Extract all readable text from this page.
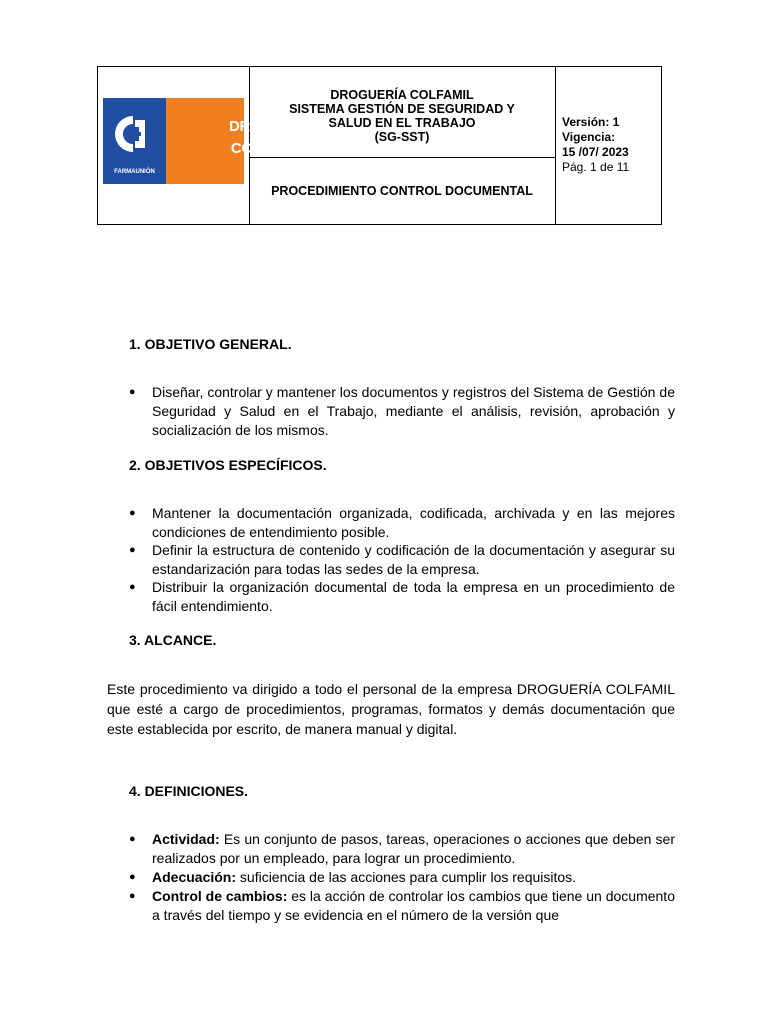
FARMAUNIÓN
DROGUERÍA
COLFAMIL
DROGUERÍA COLFAMIL
SISTEMA GESTIÓN DE SEGURIDAD Y
SALUD EN EL TRABAJO
(SG-SST)
PROCEDIMIENTO CONTROL DOCUMENTAL
Versión: 1
Vigencia:
15 /07/ 2023
Pág. 1 de 11
1. OBJETIVO GENERAL.
● Diseñar, controlar y mantener los documentos y registros del Sistema de Gestión de Seguridad y Salud en el Trabajo, mediante el análisis, revisión, aprobación y socialización de los mismos.
2. OBJETIVOS ESPECÍFICOS.
● Mantener la documentación organizada, codificada, archivada y en las mejores condiciones de entendimiento posible.
● Definir la estructura de contenido y codificación de la documentación y asegurar su estandarización para todas las sedes de la empresa.
● Distribuir la organización documental de toda la empresa en un procedimiento de fácil entendimiento.
3. ALCANCE.

Este procedimiento va dirigido a todo el personal de la empresa DROGUERÍA COLFAMIL que esté a cargo de procedimientos, programas, formatos y demás documentación que este establecida por escrito, de manera manual y digital.

4. DEFINICIONES.
● Actividad: Es un conjunto de pasos, tareas, operaciones o acciones que deben ser realizados por un empleado, para lograr un procedimiento.
● Adecuación: suficiencia de las acciones para cumplir los requisitos.
● Control de cambios: es la acción de controlar los cambios que tiene un documento a través del tiempo y se evidencia en el número de la versión que
